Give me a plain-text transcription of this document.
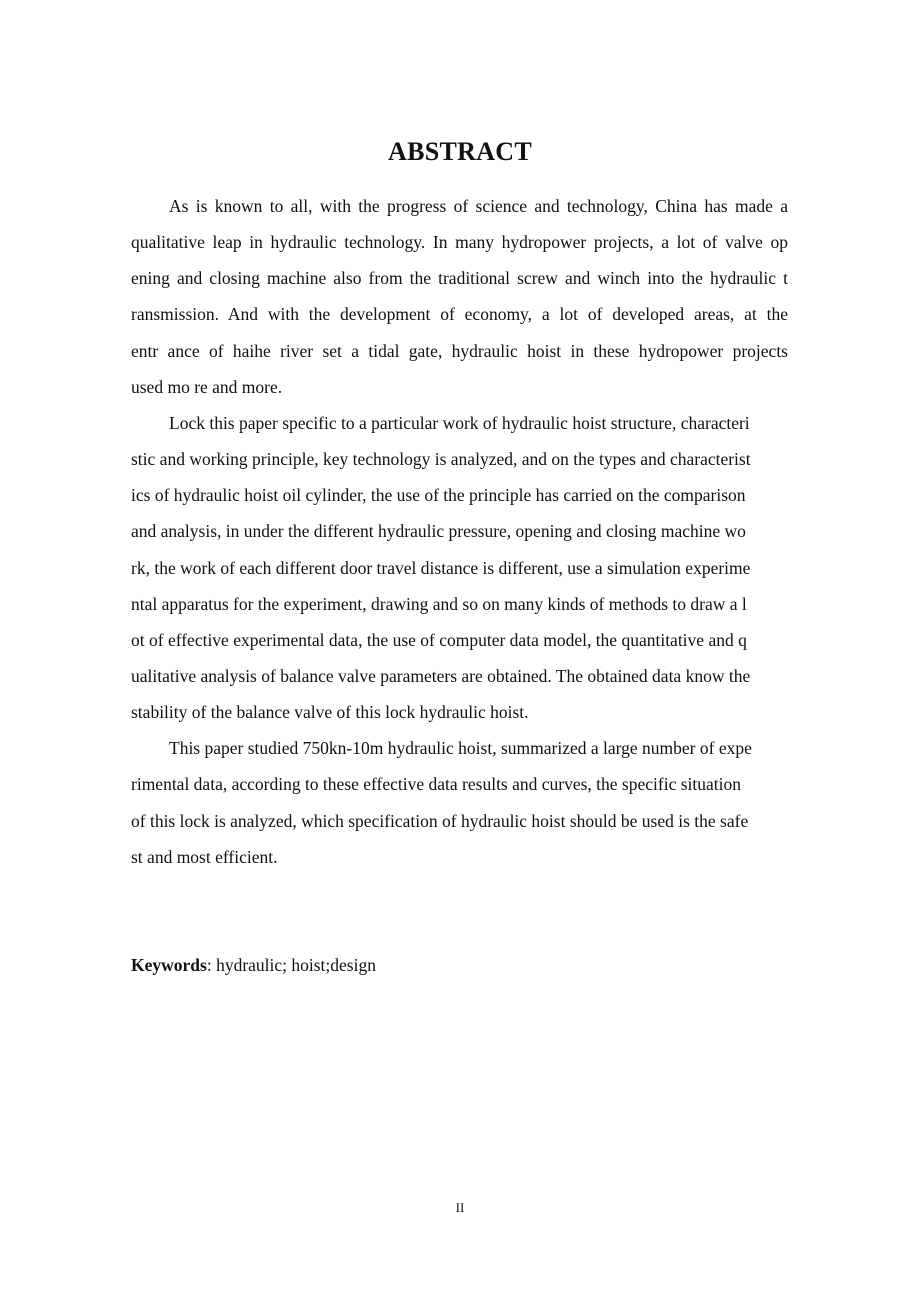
ABSTRACT
As is known to all, with the progress of science and technology, China has made a
qualitative leap in hydraulic technology. In many hydropower projects, a lot of valve op
ening and closing machine also from the traditional screw and winch into the hydraulic t
ransmission. And with the development of economy, a lot of developed areas, at the
entr ance of haihe river set a tidal gate, hydraulic hoist in these hydropower projects
used mo re and more.
Lock this paper specific to a particular work of hydraulic hoist structure, characteri
stic and working principle, key technology is analyzed, and on the types and characterist
ics of hydraulic hoist oil cylinder, the use of the principle has carried on the comparison
and analysis, in under the different hydraulic pressure, opening and closing machine wo
rk, the work of each different door travel distance is different, use a simulation experime
ntal apparatus for the experiment, drawing and so on many kinds of methods to draw a l
ot of effective experimental data, the use of computer data model, the quantitative and q
ualitative analysis of balance valve parameters are obtained. The obtained data know the
stability of the balance valve of this lock hydraulic hoist.
This paper studied 750kn-10m hydraulic hoist, summarized a large number of expe
rimental data, according to these effective data results and curves, the specific situation
of this lock is analyzed, which specification of hydraulic hoist should be used is the safe
st and most efficient.
Keywords: hydraulic; hoist;design
II
